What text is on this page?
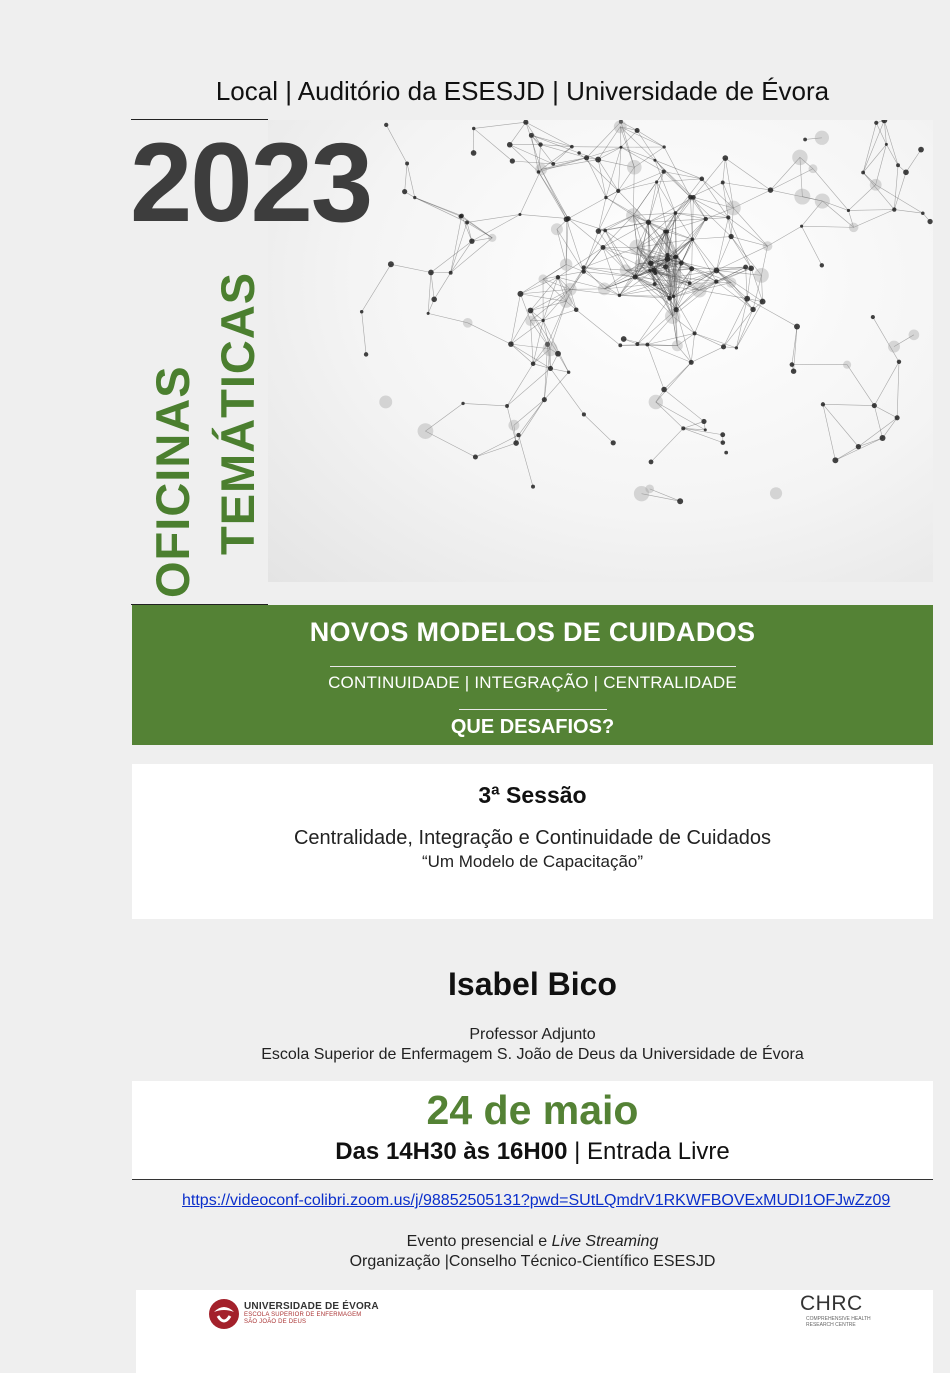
Local | Auditório da ESESJD | Universidade de Évora
2023
OFICINAS TEMÁTICAS
NOVOS MODELOS DE CUIDADOS
CONTINUIDADE | INTEGRAÇÃO | CENTRALIDADE
QUE DESAFIOS?
3ª Sessão
Centralidade, Integração e Continuidade de Cuidados
“Um Modelo de Capacitação”
Isabel Bico
Professor Adjunto
Escola Superior de Enfermagem S. João de Deus da Universidade de Évora
24 de maio
Das 14H30 às 16H00 | Entrada Livre
https://videoconf-colibri.zoom.us/j/98852505131?pwd=SUtLQmdrV1RKWFBOVExMUDI1OFJwZz09
Evento presencial e Live Streaming
Organização |Conselho Técnico-Científico ESESJD
UNIVERSIDADE DE ÉVORA
ESCOLA SUPERIOR DE ENFERMAGEM
SÃO JOÃO DE DEUS
CHRC
COMPREHENSIVE HEALTH
RESEARCH CENTRE
